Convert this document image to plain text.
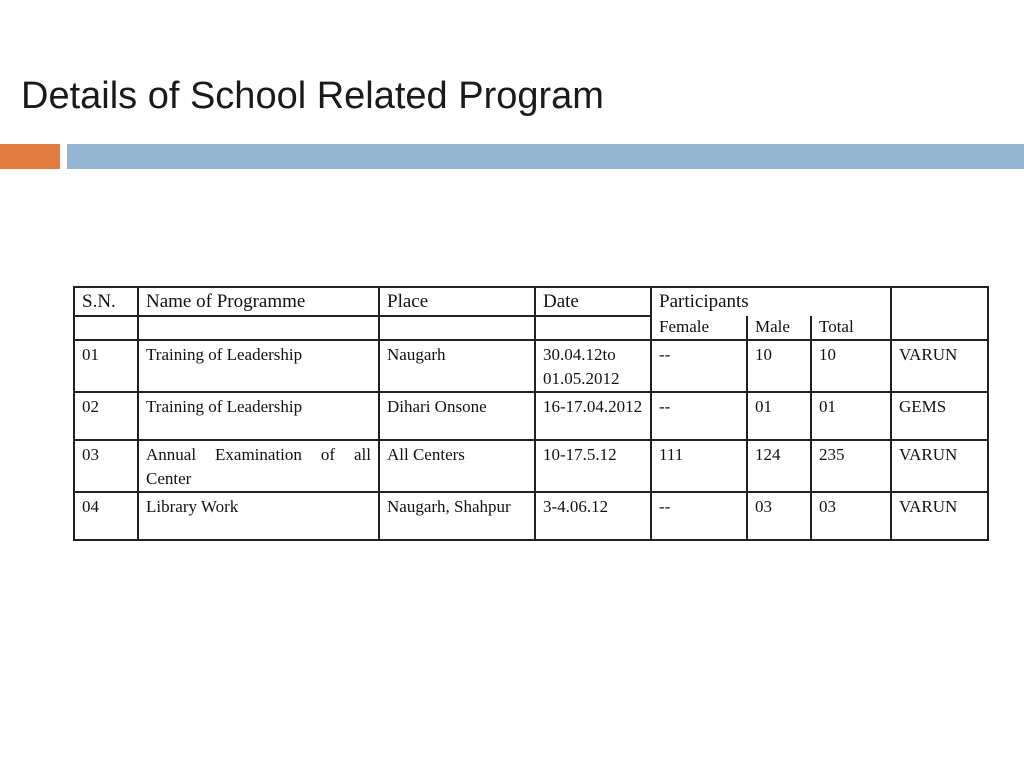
Details of School Related Program
S.N.	Name of Programme	Place	Date	Participants			
				Female	Male	Total	
01	Training of Leadership	Naugarh	30.04.12to 01.05.2012	--	10	10	VARUN
02	Training of Leadership	Dihari Onsone	16-17.04.2012	--	01	01	GEMS
03	Annual Examination of all Center	All Centers	10-17.5.12	111	124	235	VARUN
04	Library Work	Naugarh, Shahpur	3-4.06.12	--	03	03	VARUN
